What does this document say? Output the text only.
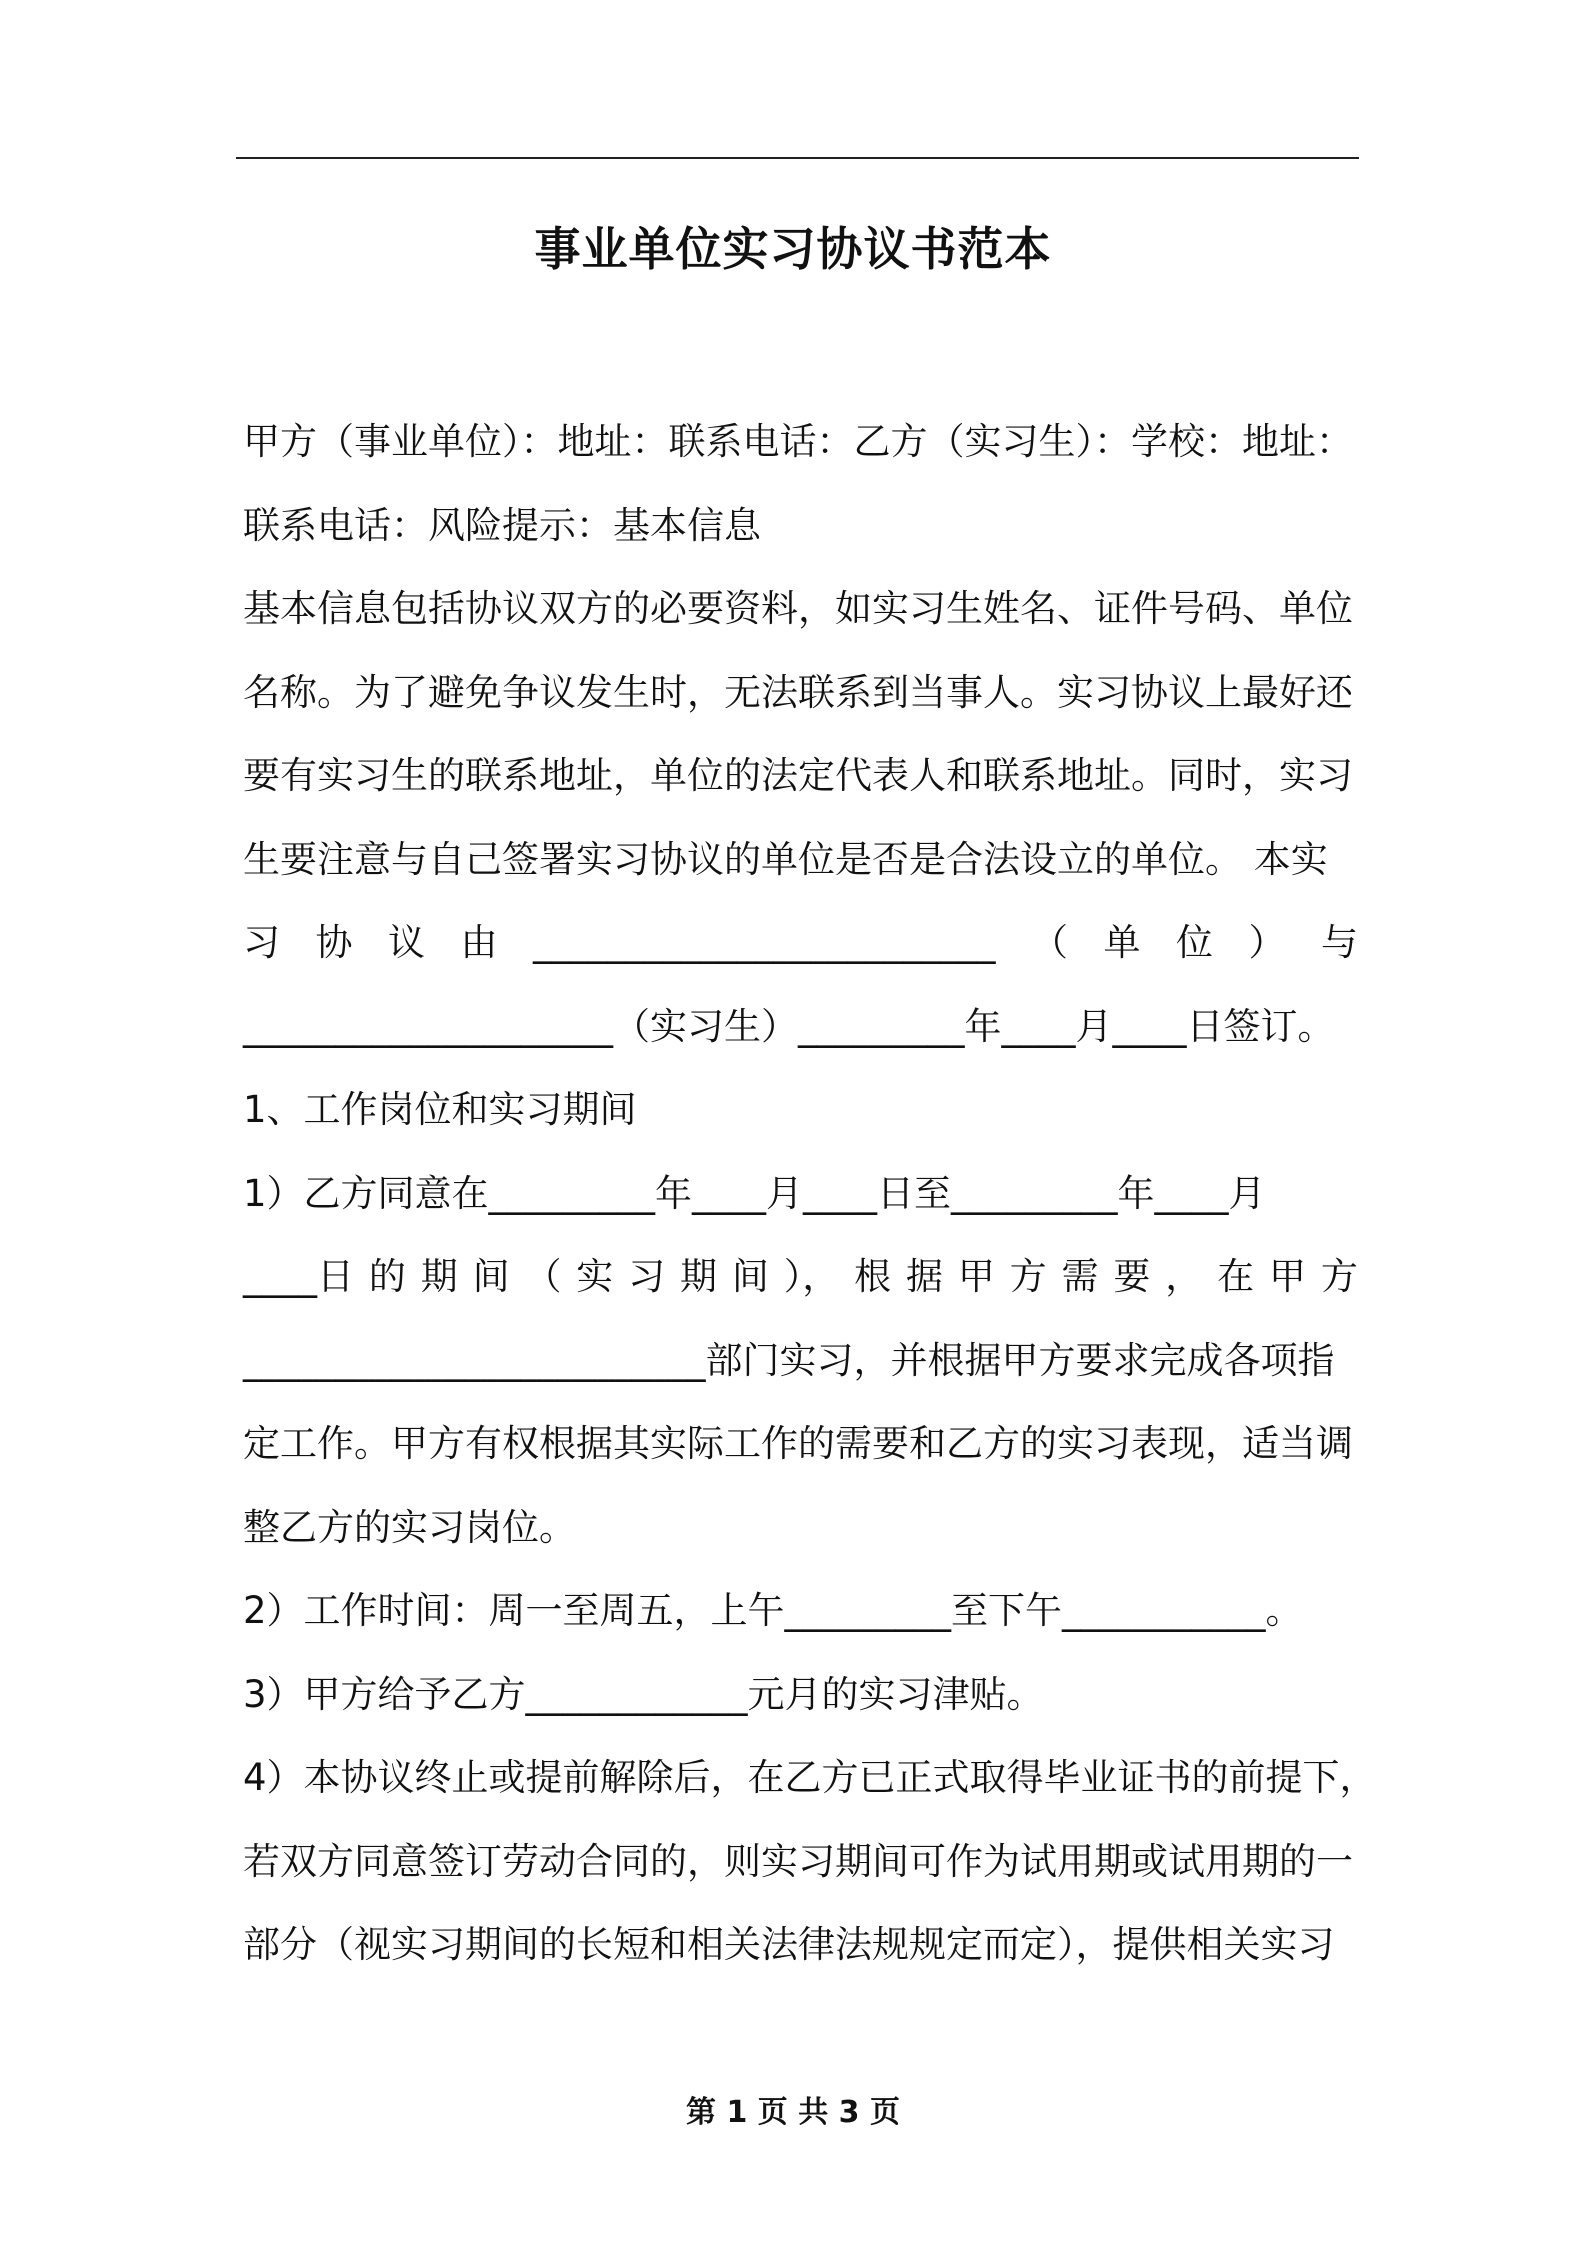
事业单位实习协议书范本
甲方（事业单位）：地址：联系电话：乙方（实习生）：学校：地址：
联系电话：风险提示：基本信息
基本信息包括协议双方的必要资料，如实习生姓名、证件号码、单位
名称。为了避免争议发生时，无法联系到当事人。实习协议上最好还
要有实习生的联系地址，单位的法定代表人和联系地址。同时，实习
生要注意与自己签署实习协议的单位是否是合法设立的单位。 本实
习 协 议 由 _________________________ （ 单 位 ） 与
____________________（实习生）_________年____月____日签订。
1、工作岗位和实习期间
1）乙方同意在_________年____月____日至_________年____月
____日 的 期 间 （ 实 习 期 间 ）， 根 据 甲 方 需 要 ， 在 甲 方
_________________________部门实习，并根据甲方要求完成各项指
定工作。甲方有权根据其实际工作的需要和乙方的实习表现，适当调
整乙方的实习岗位。
2）工作时间：周一至周五，上午_________至下午___________。
3）甲方给予乙方____________元月的实习津贴。
4）本协议终止或提前解除后，在乙方已正式取得毕业证书的前提下，
若双方同意签订劳动合同的，则实习期间可作为试用期或试用期的一
部分（视实习期间的长短和相关法律法规规定而定），提供相关实习
第 1 页 共 3 页
